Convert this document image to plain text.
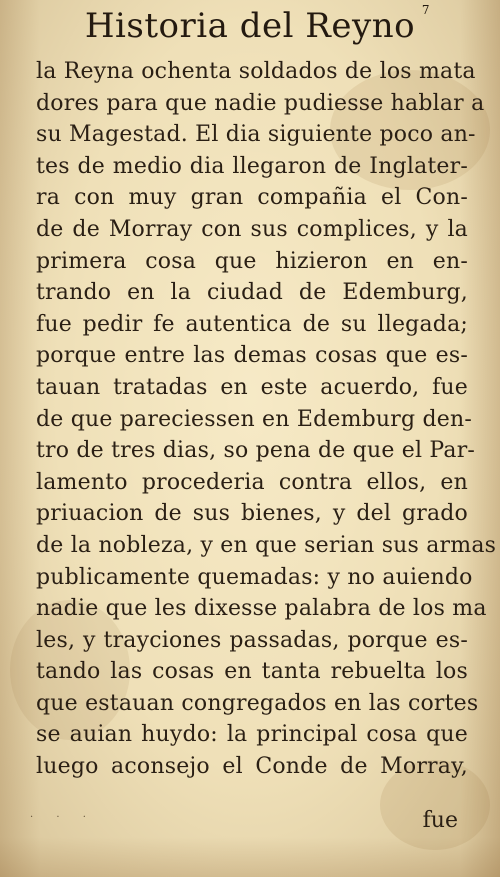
Historia del Reyno 7
la Reyna ochenta soldados de los mata
dores para que nadie pudiesse hablar a
su Magestad. El dia siguiente poco an-
tes de medio dia llegaron de Inglater-
ra con muy gran compañia el Con-
de de Morray con sus complices, y la
primera cosa que hizieron en en-
trando en la ciudad de Edemburg,
fue pedir fe autentica de su llegada;
porque entre las demas cosas que es-
tauan tratadas en este acuerdo, fue
de que pareciessen en Edemburg den-
tro de tres dias, so pena de que el Par-
lamento procederia contra ellos, en
priuacion de sus bienes, y del grado
de la nobleza, y en que serian sus armas
publicamente quemadas: y no auiendo
nadie que les dixesse palabra de los ma
les, y trayciones passadas, porque es-
tando las cosas en tanta rebuelta los
que estauan congregados en las cortes
se auian huydo: la principal cosa que
luego aconsejo el Conde de Morray,
· · ·	fue
